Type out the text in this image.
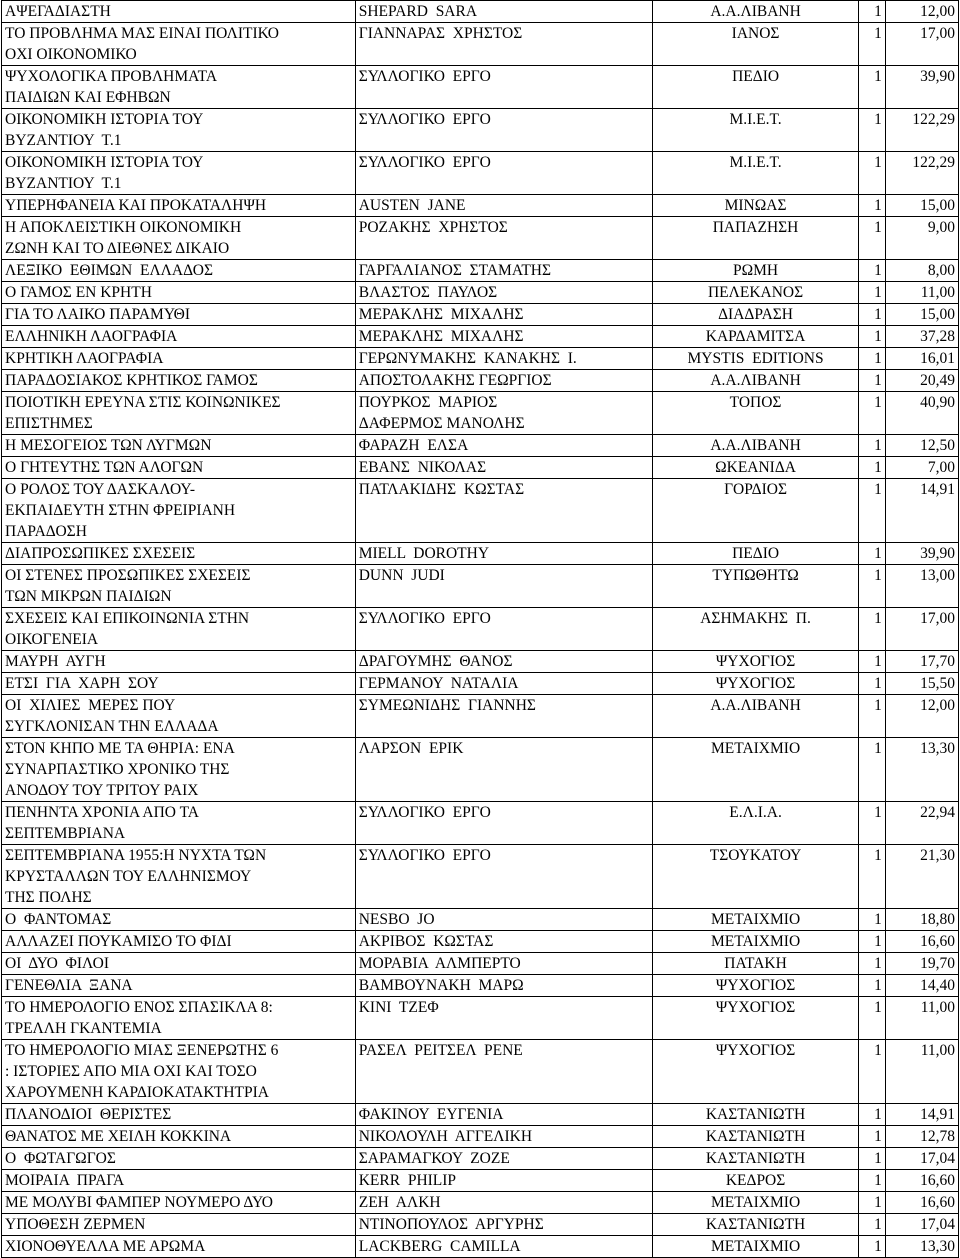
ΑΨΕΓΑΔΙΑΣΤΗ	SHEPARD  SARA	Α.Α.ΛΙΒΑΝΗ	1	12,00
ΤΟ ΠΡΟΒΛΗΜΑ ΜΑΣ ΕΙΝΑΙ ΠΟΛΙΤΙΚΟ
ΟΧΙ ΟΙΚΟΝΟΜΙΚΟ	ΓΙΑΝΝΑΡΑΣ  ΧΡΗΣΤΟΣ	ΙΑΝΟΣ	1	17,00
ΨΥΧΟΛΟΓΙΚΑ ΠΡΟΒΛΗΜΑΤΑ
ΠΑΙΔΙΩΝ ΚΑΙ ΕΦΗΒΩΝ	ΣΥΛΛΟΓΙΚΟ  ΕΡΓΟ	ΠΕΔΙΟ	1	39,90
ΟΙΚΟΝΟΜΙΚΗ ΙΣΤΟΡΙΑ ΤΟΥ
ΒΥΖΑΝΤΙΟΥ  Τ.1	ΣΥΛΛΟΓΙΚΟ  ΕΡΓΟ	Μ.Ι.Ε.Τ.	1	122,29
ΟΙΚΟΝΟΜΙΚΗ ΙΣΤΟΡΙΑ ΤΟΥ
ΒΥΖΑΝΤΙΟΥ  Τ.1	ΣΥΛΛΟΓΙΚΟ  ΕΡΓΟ	Μ.Ι.Ε.Τ.	1	122,29
ΥΠΕΡΗΦΑΝΕΙΑ ΚΑΙ ΠΡΟΚΑΤΑΛΗΨΗ	AUSTEN  JANE	ΜΙΝΩΑΣ	1	15,00
Η ΑΠΟΚΛΕΙΣΤΙΚΗ ΟΙΚΟΝΟΜΙΚΗ
ΖΩΝΗ ΚΑΙ ΤΟ ΔΙΕΘΝΕΣ ΔΙΚΑΙΟ	ΡΟΖΑΚΗΣ  ΧΡΗΣΤΟΣ	ΠΑΠΑΖΗΣΗ	1	9,00
ΛΕΞΙΚΟ  ΕΘΙΜΩΝ  ΕΛΛΑΔΟΣ	ΓΑΡΓΑΛΙΑΝΟΣ  ΣΤΑΜΑΤΗΣ	ΡΩΜΗ	1	8,00
Ο ΓΑΜΟΣ ΕΝ ΚΡΗΤΗ	ΒΛΑΣΤΟΣ  ΠΑΥΛΟΣ	ΠΕΛΕΚΑΝΟΣ	1	11,00
ΓΙΑ ΤΟ ΛΑΙΚΟ ΠΑΡΑΜΥΘΙ	ΜΕΡΑΚΛΗΣ  ΜΙΧΑΛΗΣ	ΔΙΑΔΡΑΣΗ	1	15,00
ΕΛΛΗΝΙΚΗ ΛΑΟΓΡΑΦΙΑ	ΜΕΡΑΚΛΗΣ  ΜΙΧΑΛΗΣ	ΚΑΡΔΑΜΙΤΣΑ	1	37,28
ΚΡΗΤΙΚΗ ΛΑΟΓΡΑΦΙΑ	ΓΕΡΩΝΥΜΑΚΗΣ  ΚΑΝΑΚΗΣ  Ι.	MYSTIS  EDITIONS	1	16,01
ΠΑΡΑΔΟΣΙΑΚΟΣ ΚΡΗΤΙΚΟΣ ΓΑΜΟΣ	ΑΠΟΣΤΟΛΑΚΗΣ ΓΕΩΡΓΙΟΣ	Α.Α.ΛΙΒΑΝΗ	1	20,49
ΠΟΙΟΤΙΚΗ ΕΡΕΥΝΑ ΣΤΙΣ ΚΟΙΝΩΝΙΚΕΣ
ΕΠΙΣΤΗΜΕΣ	ΠΟΥΡΚΟΣ  ΜΑΡΙΟΣ
ΔΑΦΕΡΜΟΣ ΜΑΝΟΛΗΣ	ΤΟΠΟΣ	1	40,90
Η ΜΕΣΟΓΕΙΟΣ ΤΩΝ ΛΥΓΜΩΝ	ΦΑΡΑΖΗ  ΕΛΣΑ	Α.Α.ΛΙΒΑΝΗ	1	12,50
Ο ΓΗΤΕΥΤΗΣ ΤΩΝ ΑΛΟΓΩΝ	ΕΒΑΝΣ  ΝΙΚΟΛΑΣ	ΩΚΕΑΝΙΔΑ	1	7,00
Ο ΡΟΛΟΣ ΤΟΥ ΔΑΣΚΑΛΟΥ-
ΕΚΠΑΙΔΕΥΤΗ ΣΤΗΝ ΦΡΕΙΡΙΑΝΗ
ΠΑΡΑΔΟΣΗ	ΠΑΤΛΑΚΙΔΗΣ  ΚΩΣΤΑΣ	ΓΟΡΔΙΟΣ	1	14,91
ΔΙΑΠΡΟΣΩΠΙΚΕΣ ΣΧΕΣΕΙΣ	MIELL  DOROTHY	ΠΕΔΙΟ	1	39,90
ΟΙ ΣΤΕΝΕΣ ΠΡΟΣΩΠΙΚΕΣ ΣΧΕΣΕΙΣ
ΤΩΝ ΜΙΚΡΩΝ ΠΑΙΔΙΩΝ	DUNN  JUDI	ΤΥΠΩΘΗΤΩ	1	13,00
ΣΧΕΣΕΙΣ ΚΑΙ ΕΠΙΚΟΙΝΩΝΙΑ ΣΤΗΝ
ΟΙΚΟΓΕΝΕΙΑ	ΣΥΛΛΟΓΙΚΟ  ΕΡΓΟ	ΑΣΗΜΑΚΗΣ  Π.	1	17,00
ΜΑΥΡΗ  ΑΥΓΗ	ΔΡΑΓΟΥΜΗΣ  ΘΑΝΟΣ	ΨΥΧΟΓΙΟΣ	1	17,70
ΕΤΣΙ  ΓΙΑ  ΧΑΡΗ  ΣΟΥ	ΓΕΡΜΑΝΟΥ  ΝΑΤΑΛΙΑ	ΨΥΧΟΓΙΟΣ	1	15,50
ΟΙ  ΧΙΛΙΕΣ  ΜΕΡΕΣ ΠΟΥ
ΣΥΓΚΛΟΝΙΣΑΝ ΤΗΝ ΕΛΛΑΔΑ	ΣΥΜΕΩΝΙΔΗΣ  ΓΙΑΝΝΗΣ	Α.Α.ΛΙΒΑΝΗ	1	12,00
ΣΤΟΝ ΚΗΠΟ ΜΕ ΤΑ ΘΗΡΙΑ: ΕΝΑ
ΣΥΝΑΡΠΑΣΤΙΚΟ ΧΡΟΝΙΚΟ ΤΗΣ
ΑΝΟΔΟΥ ΤΟΥ ΤΡΙΤΟΥ ΡΑΙΧ	ΛΑΡΣΟΝ  ΕΡΙΚ	ΜΕΤΑΙΧΜΙΟ	1	13,30
ΠΕΝΗΝΤΑ ΧΡΟΝΙΑ ΑΠΟ ΤΑ
ΣΕΠΤΕΜΒΡΙΑΝΑ	ΣΥΛΛΟΓΙΚΟ  ΕΡΓΟ	Ε.Λ.Ι.Α.	1	22,94
ΣΕΠΤΕΜΒΡΙΑΝΑ 1955:Η ΝΥΧΤΑ ΤΩΝ
ΚΡΥΣΤΑΛΛΩΝ ΤΟΥ ΕΛΛΗΝΙΣΜΟΥ
ΤΗΣ ΠΟΛΗΣ	ΣΥΛΛΟΓΙΚΟ  ΕΡΓΟ	ΤΣΟΥΚΑΤΟΥ	1	21,30
Ο  ΦΑΝΤΟΜΑΣ	NESBO  JO	ΜΕΤΑΙΧΜΙΟ	1	18,80
ΑΛΛΑΖΕΙ ΠΟΥΚΑΜΙΣΟ ΤΟ ΦΙΔΙ	ΑΚΡΙΒΟΣ  ΚΩΣΤΑΣ	ΜΕΤΑΙΧΜΙΟ	1	16,60
ΟΙ  ΔΥΟ  ΦΙΛΟΙ	ΜΟΡΑΒΙΑ  ΑΛΜΠΕΡΤΟ	ΠΑΤΑΚΗ	1	19,70
ΓΕΝΕΘΛΙΑ  ΞΑΝΑ	ΒΑΜΒΟΥΝΑΚΗ  ΜΑΡΩ	ΨΥΧΟΓΙΟΣ	1	14,40
ΤΟ ΗΜΕΡΟΛΟΓΙΟ ΕΝΟΣ ΣΠΑΣΙΚΛΑ 8:
ΤΡΕΛΛΗ ΓΚΑΝΤΕΜΙΑ	ΚΙΝΙ  ΤΖΕΦ	ΨΥΧΟΓΙΟΣ	1	11,00
ΤΟ ΗΜΕΡΟΛΟΓΙΟ ΜΙΑΣ ΞΕΝΕΡΩΤΗΣ 6
: ΙΣΤΟΡΙΕΣ ΑΠΟ ΜΙΑ ΟΧΙ ΚΑΙ ΤΟΣΟ
ΧΑΡΟΥΜΕΝΗ ΚΑΡΔΙΟΚΑΤΑΚΤΗΤΡΙΑ	ΡΑΣΕΛ  ΡΕΙΤΣΕΛ  ΡΕΝΕ	ΨΥΧΟΓΙΟΣ	1	11,00
ΠΛΑΝΟΔΙΟΙ  ΘΕΡΙΣΤΕΣ	ΦΑΚΙΝΟΥ  ΕΥΓΕΝΙΑ	ΚΑΣΤΑΝΙΩΤΗ	1	14,91
ΘΑΝΑΤΟΣ ΜΕ ΧΕΙΛΗ ΚΟΚΚΙΝΑ	ΝΙΚΟΛΟΥΛΗ  ΑΓΓΕΛΙΚΗ	ΚΑΣΤΑΝΙΩΤΗ	1	12,78
Ο  ΦΩΤΑΓΩΓΟΣ	ΣΑΡΑΜΑΓΚΟΥ  ΖΟΖΕ	ΚΑΣΤΑΝΙΩΤΗ	1	17,04
ΜΟΙΡΑΙΑ  ΠΡΑΓΑ	KERR  PHILIP	ΚΕΔΡΟΣ	1	16,60
ΜΕ ΜΟΛΥΒΙ ΦΑΜΠΕΡ ΝΟΥΜΕΡΟ ΔΥΟ	ΖΕΗ  ΑΛΚΗ	ΜΕΤΑΙΧΜΙΟ	1	16,60
ΥΠΟΘΕΣΗ ΖΕΡΜΕΝ	ΝΤΙΝΟΠΟΥΛΟΣ  ΑΡΓΥΡΗΣ	ΚΑΣΤΑΝΙΩΤΗ	1	17,04
ΧΙΟΝΟΘΥΕΛΛΑ ΜΕ ΑΡΩΜΑ	LACKBERG  CAMILLA	ΜΕΤΑΙΧΜΙΟ	1	13,30
